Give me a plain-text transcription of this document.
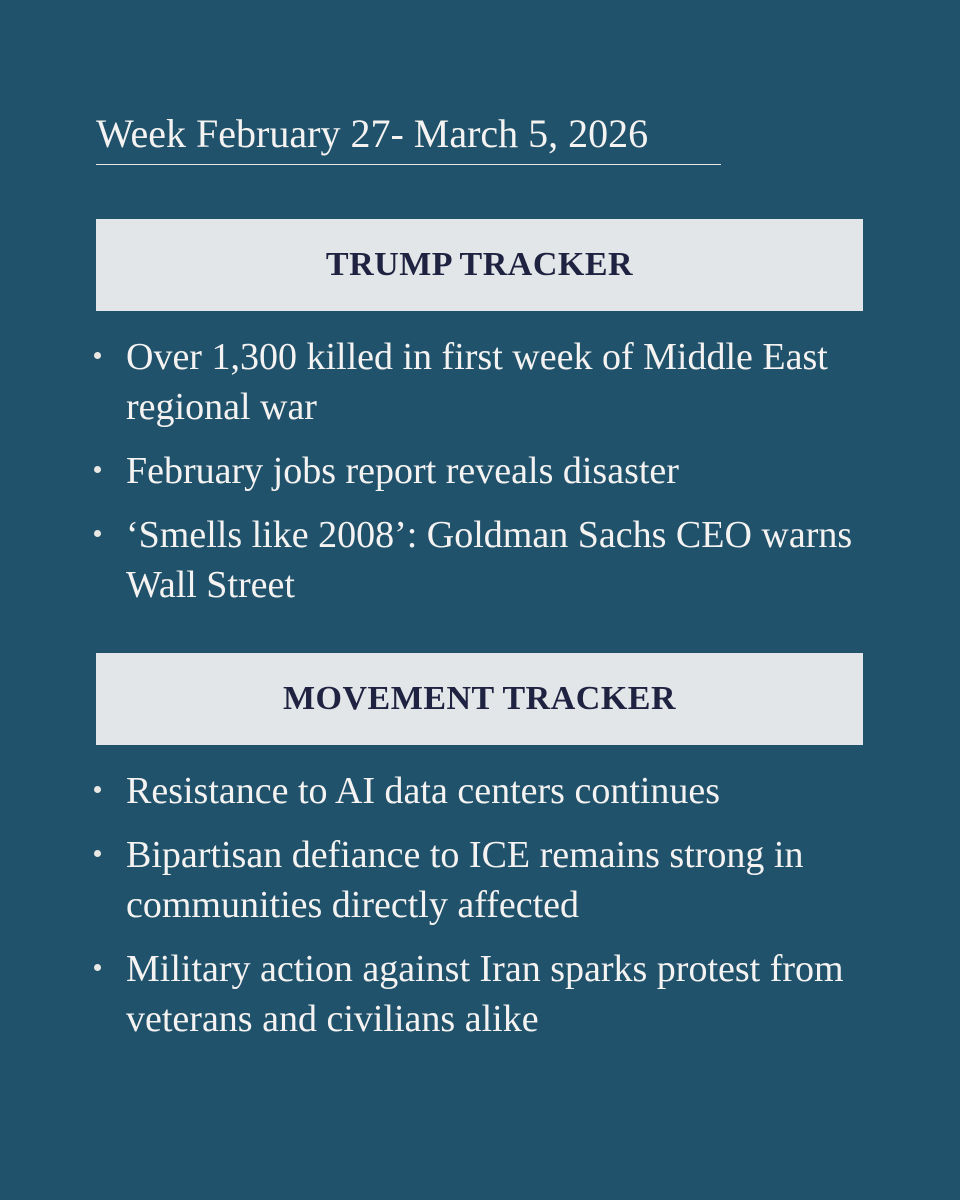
Week February 27- March 5, 2026
TRUMP TRACKER
Over 1,300 killed in first week of Middle East regional war
February jobs report reveals disaster
‘Smells like 2008’: Goldman Sachs CEO warns Wall Street
MOVEMENT TRACKER
Resistance to AI data centers continues
Bipartisan defiance to ICE remains strong in communities directly affected
Military action against Iran sparks protest from veterans and civilians alike
